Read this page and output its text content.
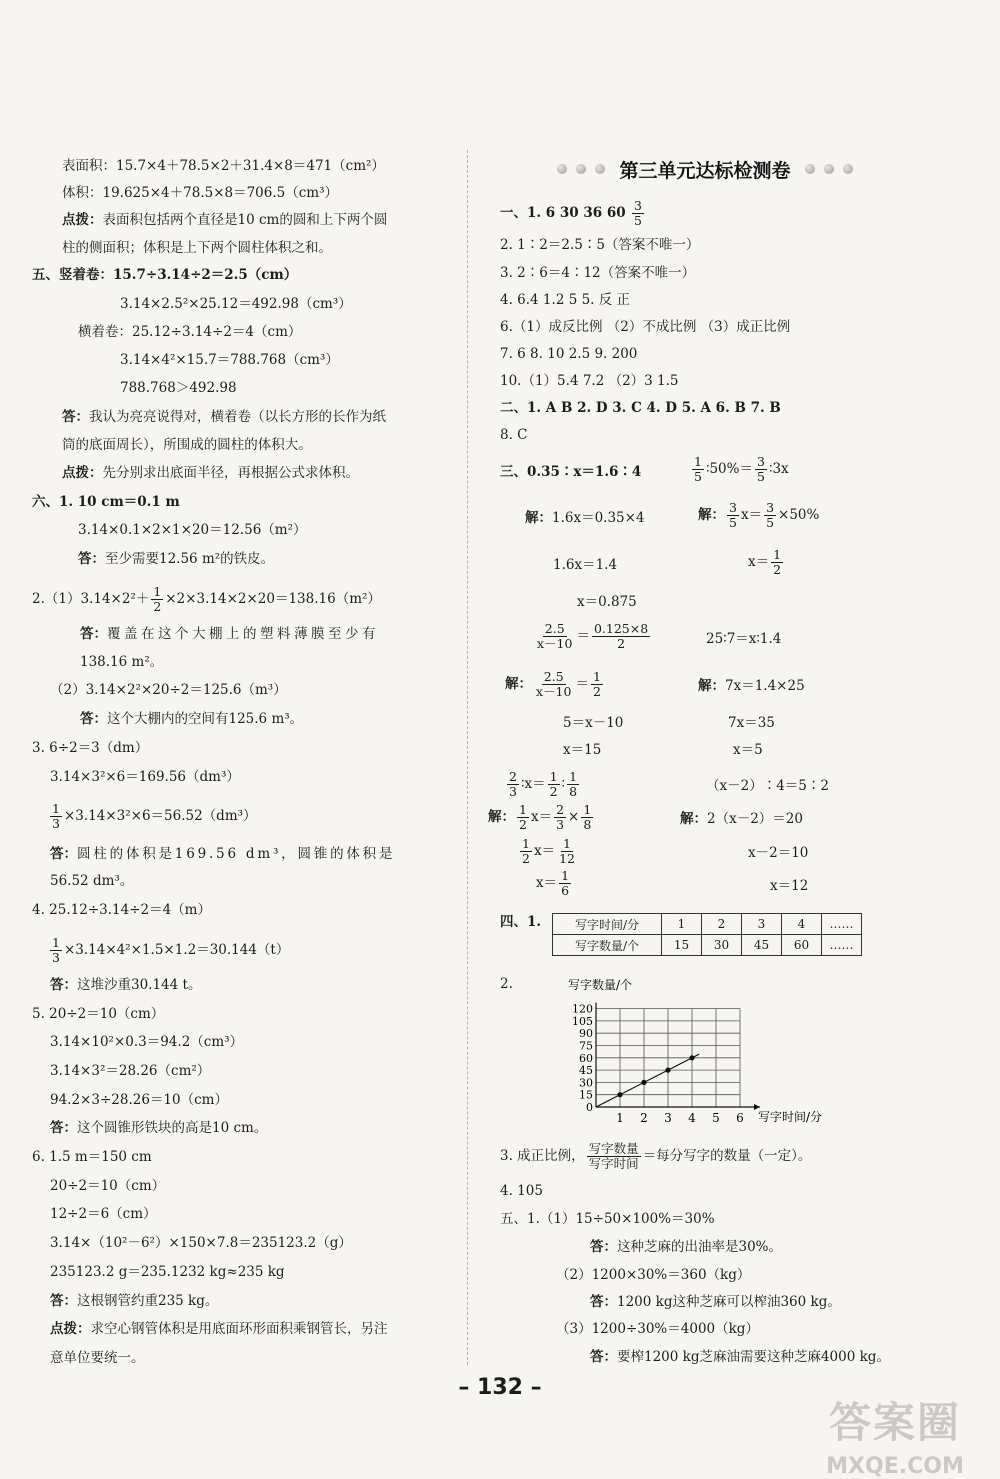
表面积：15.7×4＋78.5×2＋31.4×8＝471（cm²）
体积：19.625×4＋78.5×8＝706.5（cm³）
点拨：表面积包括两个直径是10 cm的圆和上下两个圆
柱的侧面积；体积是上下两个圆柱体积之和。
五、竖着卷：15.7÷3.14÷2＝2.5（cm）
3.14×2.5²×25.12＝492.98（cm³）
横着卷：25.12÷3.14÷2＝4（cm）
3.14×4²×15.7＝788.768（cm³）
788.768＞492.98
答：我认为亮亮说得对，横着卷（以长方形的长作为纸
筒的底面周长），所围成的圆柱的体积大。
点拨：先分别求出底面半径，再根据公式求体积。
六、1. 10 cm＝0.1 m
3.14×0.1×2×1×20＝12.56（m²）
答：至少需要12.56 m²的铁皮。
$2.(1)3.14\times 2^2+ \frac{1}{2} \times 2\times 3.14\times 2\times 20=138.16(m^2)$
答：覆盖在这个大棚上的塑料薄膜至少有
138.16 m²。
（2）3.14×2²×20÷2＝125.6（m³）
答：这个大棚内的空间有125.6 m³。
3. 6÷2＝3（dm）
3.14×3²×6＝169.56（dm³）
$\frac{1}{3} \times 3.14\times 3^2\times 6=56.52(dm^3)$
答：圆柱的体积是169.56 dm³，圆锥的体积是
56.52 dm³。
4. 25.12÷3.14÷2＝4（m）
$\frac{1}{3} \times 3.14\times 4^2\times 1.5\times 1.2=30.144(t)$
答：这堆沙重30.144 t。
5. 20÷2＝10（cm）
3.14×10²×0.3＝94.2（cm³）
3.14×3²＝28.26（cm²）
94.2×3÷28.26＝10（cm）
答：这个圆锥形铁块的高是10 cm。
6. 1.5 m＝150 cm
20÷2＝10（cm）
12÷2＝6（cm）
3.14×（10²－6²）×150×7.8＝235123.2（g）
235123.2 g＝235.1232 kg≈235 kg
答：这根钢管约重235 kg。
点拨：求空心钢管体积是用底面环形面积乘钢管长，另注
意单位要统一。
第三单元达标检测卷
一、1. 6 30 36 $60 \frac{3}{5}$
2. 1∶2＝2.5∶5（答案不唯一）
3. 2∶6＝4∶12（答案不唯一）
4. 6.4 1.2 5 5. 反 正
6.（1）成反比例 （2）不成比例 （3）成正比例
7. 6 8. 10 2.5 9. 200
10.（1）5.4 7.2 （2）3 1.5
二、1. A B 2. D 3. C 4. D 5. A 6. B 7. B
8. C
三、0.35∶x＝1.6∶4	$\frac{1}{5}$ ∶50%＝ $\frac{3}{5}$ ∶3x
解：1.6x＝0.35×4	解： $\frac{3}{5} x= \frac{3}{5} \times 50\%$
1.6x＝1.4	$x= \frac{1}{2}$
x＝0.875
$\frac{2.5}{x-10} = \frac{0.125\times 8}{2}$	25∶7＝x∶1.4
解： $\frac{2.5}{x-10} = \frac{1}{2}$	解：7x＝1.4×25
5＝x－10	7x＝35
x＝15	x＝5
$\frac{2}{3}$ ∶x＝ $\frac{1}{2}$ ∶ $\frac{1}{8}$	（x－2）∶4＝5∶2
解： $\frac{1}{2} x= \frac{2}{3} \times \frac{1}{8}$	解：2（x－2）＝20
$\frac{1}{2} x= \frac{1}{12}$	x－2＝10
$x= \frac{1}{6}$	x＝12
四、1.	写字时间/分	1	2	3	4	……
写字数量/个	15	30	45	60	……
2.	写字数量/个
写字时间/分
0
15
30
45
60
75
90
105
120
1 2 3 4 5 6
3. 成正比例， $\frac{\text{写字数量}}{\text{写字时间}}$ ＝每分写字的数量（一定）。
4. 105
五、1.（1）15÷50×100%＝30%
答：这种芝麻的出油率是30%。
（2）1200×30%＝360（kg）
答：1200 kg这种芝麻可以榨油360 kg。
（3）1200÷30%＝4000（kg）
答：要榨1200 kg芝麻油需要这种芝麻4000 kg。
– 132 –
答案圈
MXQE.COM
